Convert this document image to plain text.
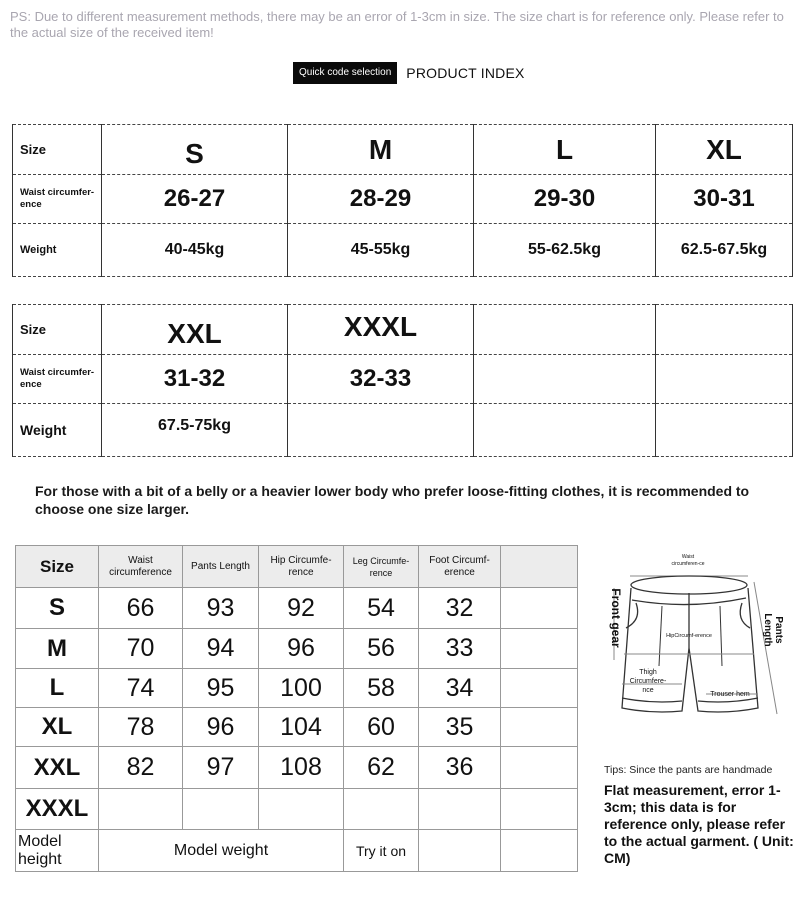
PS: Due to different measurement methods, there may be an error of 1-3cm in size. The size chart is for reference only. Please refer to the actual size of the received item!
Quick code selection	PRODUCT INDEX
Size	S	M	L	XL
Waist circumfer-ence	26-27	28-29	29-30	30-31
Weight	40-45kg	45-55kg	55-62.5kg	62.5-67.5kg
Size	XXL	XXXL		
Waist circumfer-ence	31-32	32-33		
Weight	67.5-75kg			
For those with a bit of a belly or a heavier lower body who prefer loose-fitting clothes, it is recommended to choose one size larger.
Size	Waist circumference	Pants Length	Hip Circumfe-rence	Leg Circumfe-rence	Foot Circumf-erence	
S	66	93	92	54	32	
M	70	94	96	56	33	
L	74	95	100	58	34	
XL	78	96	104	60	35	
XXL	82	97	108	62	36	
XXXL						
Model height	Model weight			Try it on		
Waist circumferen-ce
Front gear	Pants Length
HipCircumf-erence
Thigh Circumfere-nce
Trouser hem
Tips: Since the pants are handmade
Flat measurement, error 1-3cm; this data is for reference only, please refer to the actual garment. ( Unit: CM)
